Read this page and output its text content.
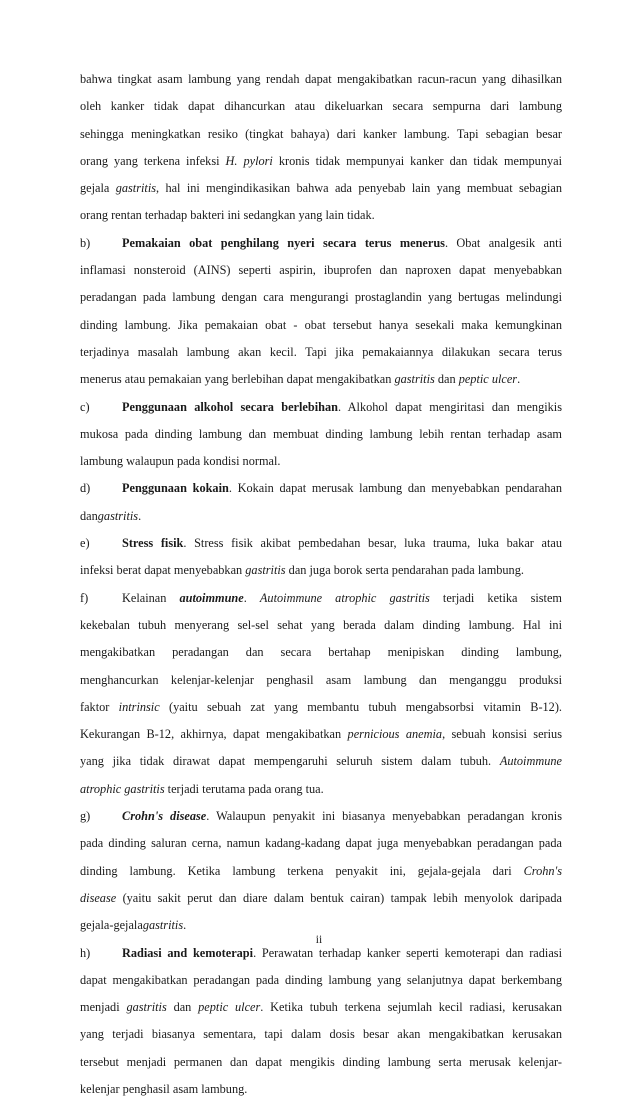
bahwa tingkat asam lambung yang rendah dapat mengakibatkan racun-racun yang dihasilkan
oleh kanker tidak dapat dihancurkan atau dikeluarkan secara sempurna dari lambung
sehingga meningkatkan resiko (tingkat bahaya) dari kanker lambung. Tapi sebagian besar
orang yang terkena infeksi H. pylori kronis tidak mempunyai kanker dan tidak mempunyai
gejala gastritis, hal ini mengindikasikan bahwa ada penyebab lain yang membuat sebagian
orang rentan terhadap bakteri ini sedangkan yang lain tidak.
b)	Pemakaian obat penghilang nyeri secara terus menerus. Obat analgesik anti
inflamasi nonsteroid (AINS) seperti aspirin, ibuprofen dan naproxen dapat menyebabkan
peradangan pada lambung dengan cara mengurangi prostaglandin yang bertugas melindungi
dinding lambung. Jika pemakaian obat - obat tersebut hanya sesekali maka kemungkinan
terjadinya masalah lambung akan kecil. Tapi jika pemakaiannya dilakukan secara terus
menerus atau pemakaian yang berlebihan dapat mengakibatkan gastritis dan peptic ulcer.
c)	Penggunaan alkohol secara berlebihan. Alkohol dapat mengiritasi dan mengikis
mukosa pada dinding lambung dan membuat dinding lambung lebih rentan terhadap asam
lambung walaupun pada kondisi normal.
d)	Penggunaan kokain. Kokain dapat merusak lambung dan menyebabkan pendarahan
dangastritis.
e)	Stress fisik. Stress fisik akibat pembedahan besar, luka trauma, luka bakar atau
infeksi berat dapat menyebabkan gastritis dan juga borok serta pendarahan pada lambung.
f)	Kelainan autoimmune. Autoimmune atrophic gastritis terjadi ketika sistem
kekebalan tubuh menyerang sel-sel sehat yang berada dalam dinding lambung. Hal ini
mengakibatkan peradangan dan secara bertahap menipiskan dinding lambung,
menghancurkan kelenjar-kelenjar penghasil asam lambung dan menganggu produksi
faktor intrinsic (yaitu sebuah zat yang membantu tubuh mengabsorbsi vitamin B-12).
Kekurangan B-12, akhirnya, dapat mengakibatkan pernicious anemia, sebuah konsisi serius
yang jika tidak dirawat dapat mempengaruhi seluruh sistem dalam tubuh. Autoimmune
atrophic gastritis terjadi terutama pada orang tua.
g)	Crohn's disease. Walaupun penyakit ini biasanya menyebabkan peradangan kronis
pada dinding saluran cerna, namun kadang-kadang dapat juga menyebabkan peradangan pada
dinding lambung. Ketika lambung terkena penyakit ini, gejala-gejala dari Crohn's
disease (yaitu sakit perut dan diare dalam bentuk cairan) tampak lebih menyolok daripada
gejala-gejalagastritis.
h)	Radiasi and kemoterapi. Perawatan terhadap kanker seperti kemoterapi dan radiasi
dapat mengakibatkan peradangan pada dinding lambung yang selanjutnya dapat berkembang
menjadi gastritis dan peptic ulcer. Ketika tubuh terkena sejumlah kecil radiasi, kerusakan
yang terjadi biasanya sementara, tapi dalam dosis besar akan mengakibatkan kerusakan
tersebut menjadi permanen dan dapat mengikis dinding lambung serta merusak kelenjar-
kelenjar penghasil asam lambung.
ii
